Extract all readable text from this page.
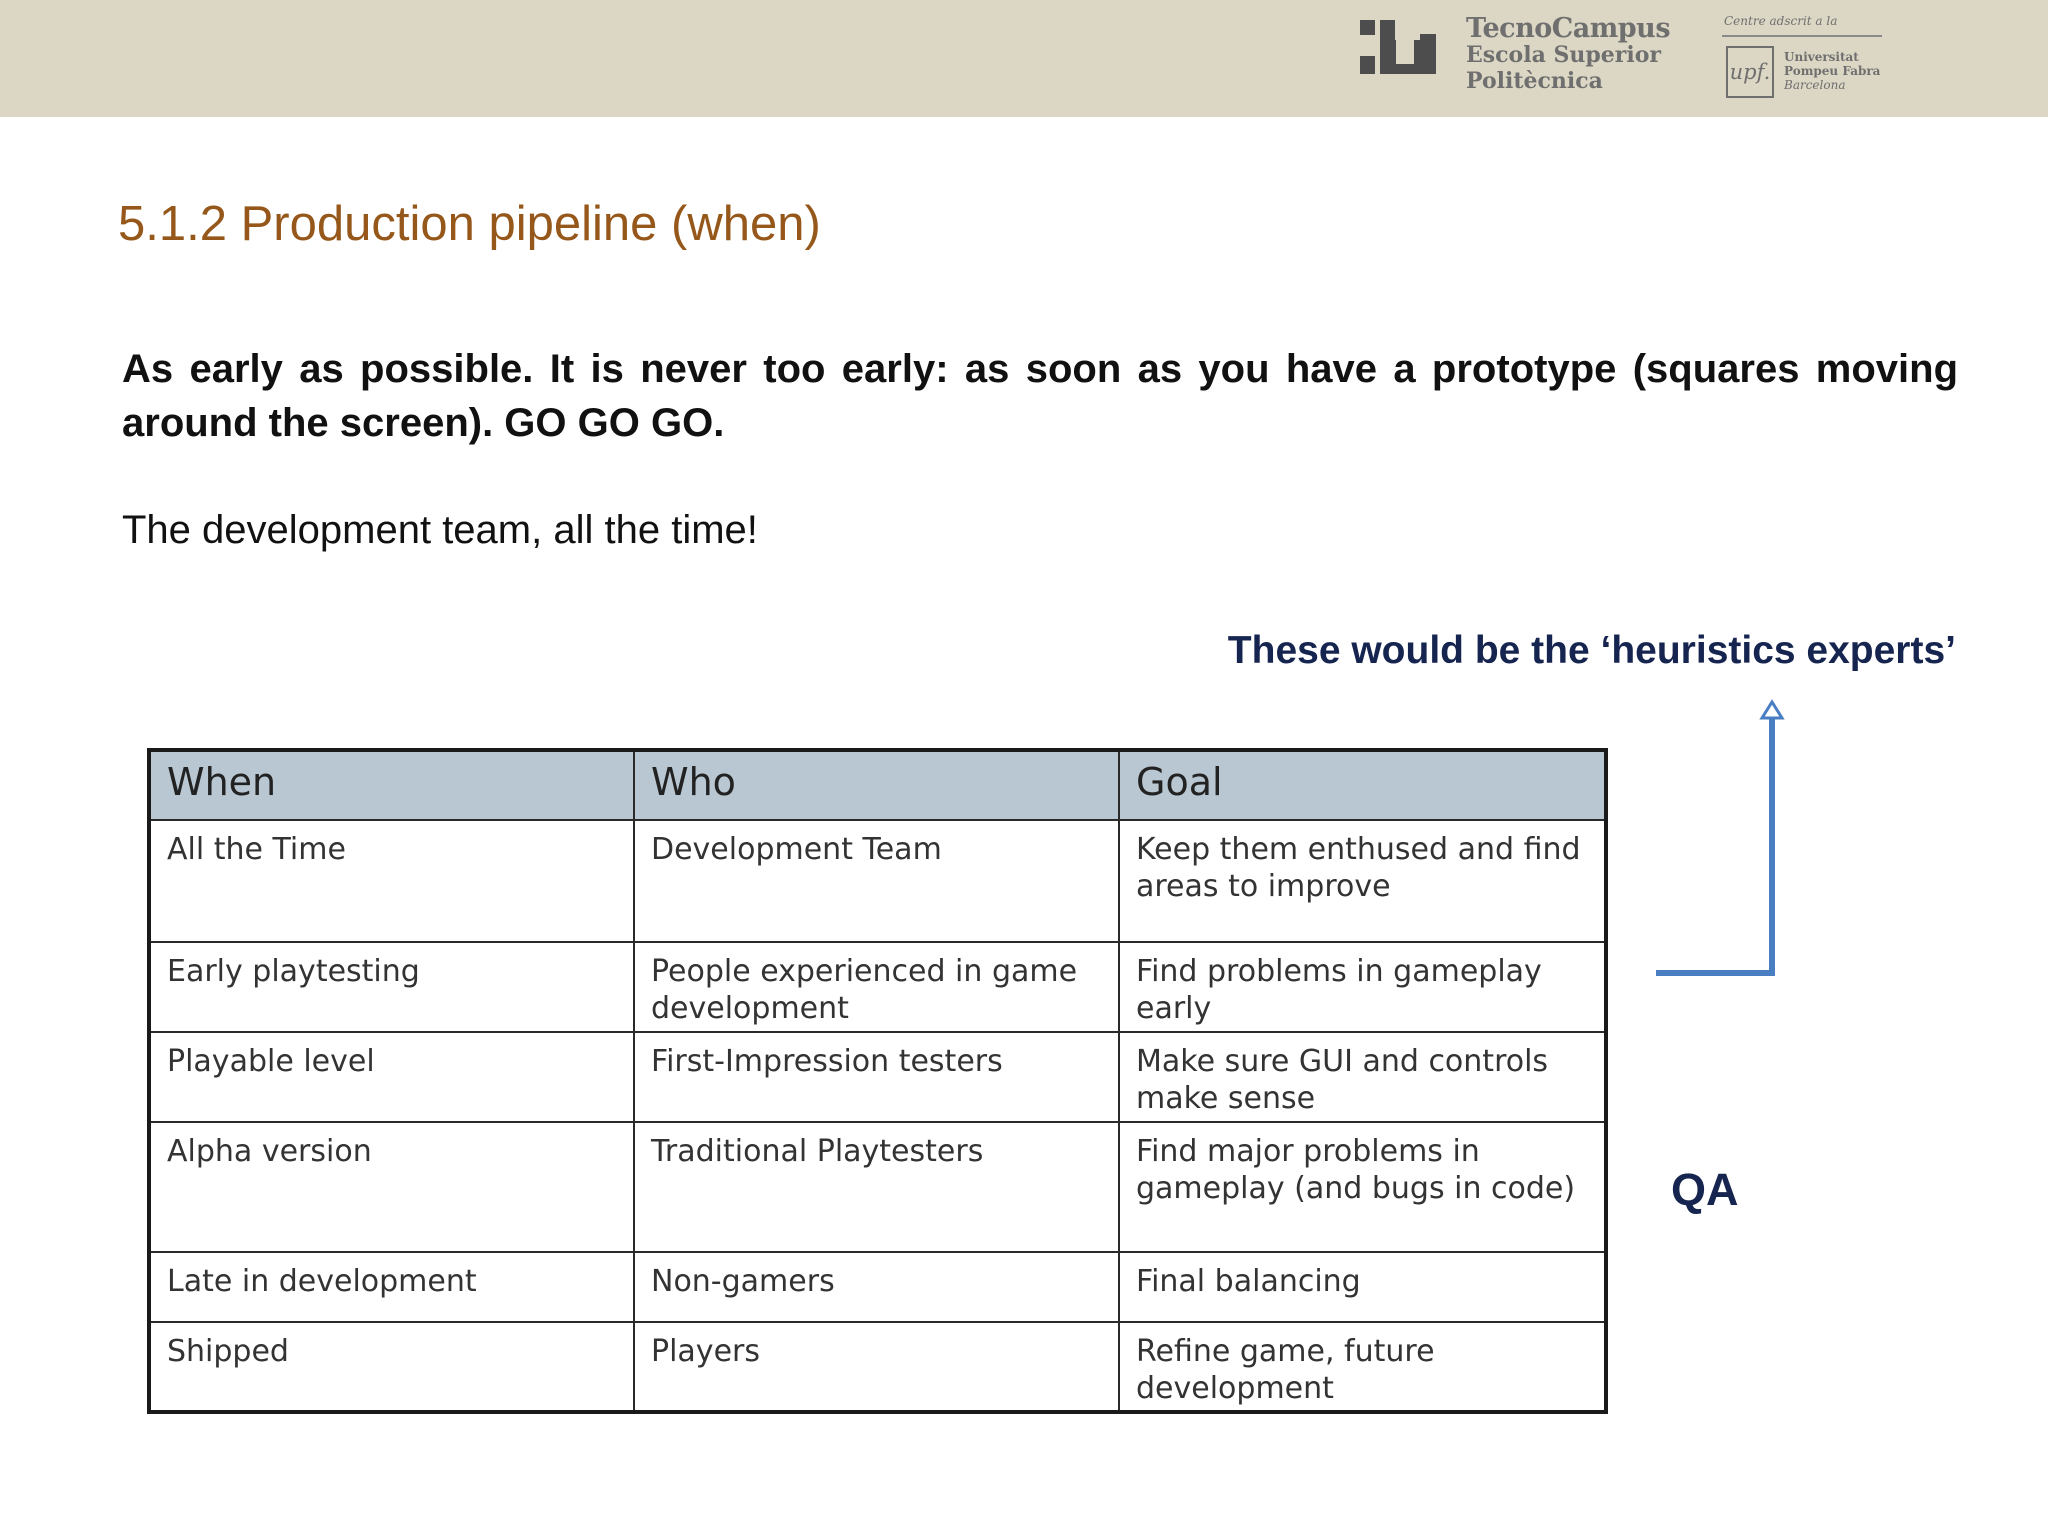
TecnoCampus
Escola Superior
Politècnica
Centre adscrit a la
upf.
Universitat
Pompeu Fabra
Barcelona
5.1.2 Production pipeline (when)

As early as possible. It is never too early: as soon as you have a prototype (squares moving around the screen). GO GO GO.

The development team, all the time!

These would be the ‘heuristics experts’

QA

When	Who	Goal
All the Time	Development Team	Keep them enthused and find areas to improve
Early playtesting	People experienced in game development	Find problems in gameplay early
Playable level	First-Impression testers	Make sure GUI and controls make sense
Alpha version	Traditional Playtesters	Find major problems in gameplay (and bugs in code)
Late in development	Non-gamers	Final balancing
Shipped	Players	Refine game, future development
